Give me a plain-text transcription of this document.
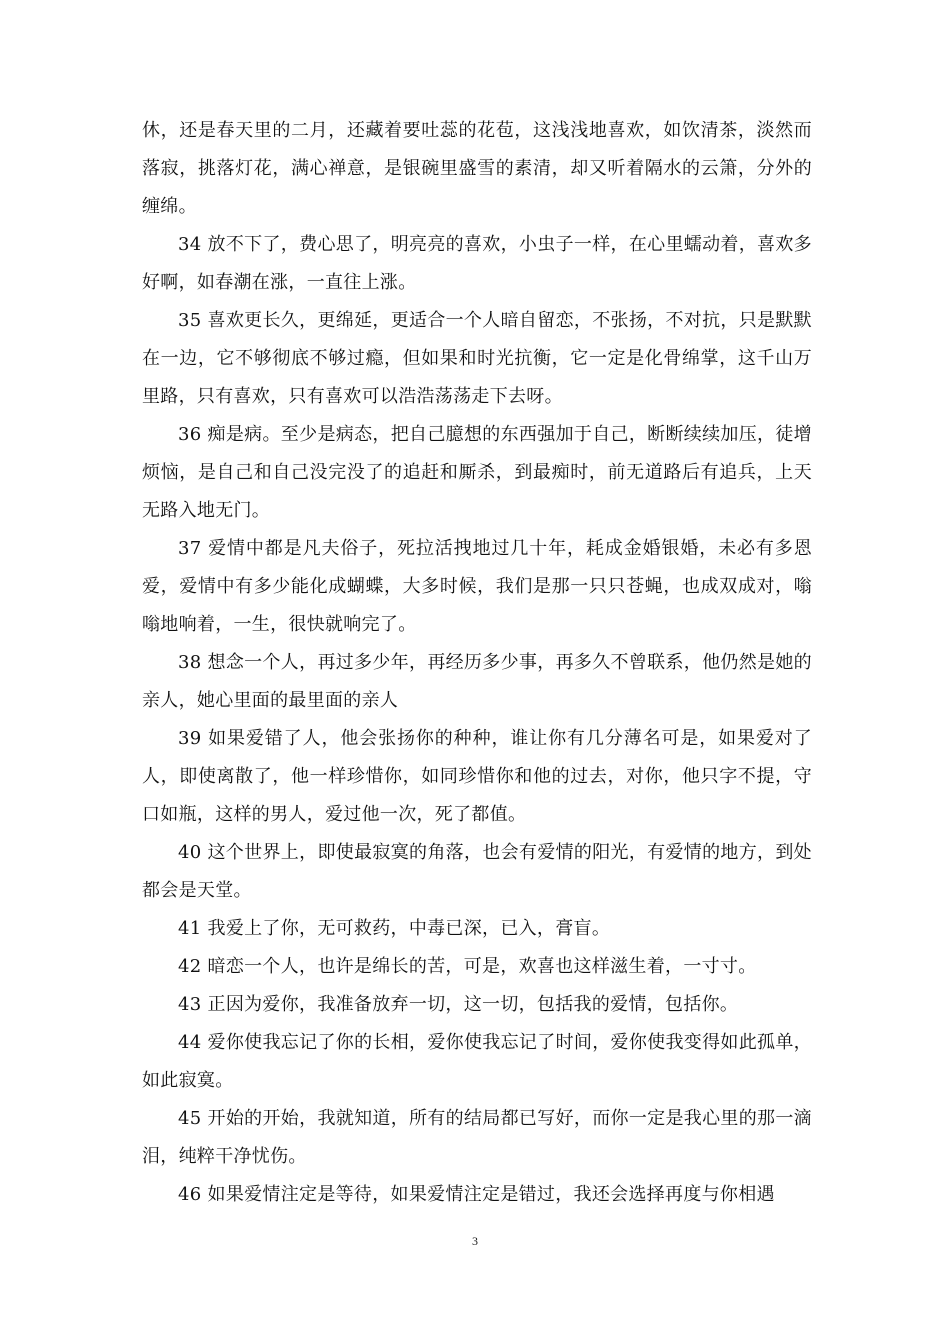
休，还是春天里的二月，还藏着要吐蕊的花苞，这浅浅地喜欢，如饮清茶，淡然而落寂，挑落灯花，满心禅意，是银碗里盛雪的素清，却又听着隔水的云箫，分外的缠绵。

34 放不下了，费心思了，明亮亮的喜欢，小虫子一样，在心里蠕动着，喜欢多好啊，如春潮在涨，一直往上涨。

35 喜欢更长久，更绵延，更适合一个人暗自留恋，不张扬，不对抗，只是默默在一边，它不够彻底不够过瘾，但如果和时光抗衡，它一定是化骨绵掌，这千山万里路，只有喜欢，只有喜欢可以浩浩荡荡走下去呀。

36 痴是病。至少是病态，把自己臆想的东西强加于自己，断断续续加压，徒增烦恼，是自己和自己没完没了的追赶和厮杀，到最痴时，前无道路后有追兵，上天无路入地无门。

37 爱情中都是凡夫俗子，死拉活拽地过几十年，耗成金婚银婚，未必有多恩爱，爱情中有多少能化成蝴蝶，大多时候，我们是那一只只苍蝇，也成双成对，嗡嗡地响着，一生，很快就响完了。

38 想念一个人，再过多少年，再经历多少事，再多久不曾联系，他仍然是她的亲人，她心里面的最里面的亲人

39 如果爱错了人，他会张扬你的种种，谁让你有几分薄名可是，如果爱对了人，即使离散了，他一样珍惜你，如同珍惜你和他的过去，对你，他只字不提，守口如瓶，这样的男人，爱过他一次，死了都值。

40 这个世界上，即使最寂寞的角落，也会有爱情的阳光，有爱情的地方，到处都会是天堂。

41 我爱上了你，无可救药，中毒已深，已入，膏盲。

42 暗恋一个人，也许是绵长的苦，可是，欢喜也这样滋生着，一寸寸。

43 正因为爱你，我准备放弃一切，这一切，包括我的爱情，包括你。

44 爱你使我忘记了你的长相，爱你使我忘记了时间，爱你使我变得如此孤单，如此寂寞。

45 开始的开始，我就知道，所有的结局都已写好，而你一定是我心里的那一滴泪，纯粹干净忧伤。

46 如果爱情注定是等待，如果爱情注定是错过，我还会选择再度与你相遇

3
